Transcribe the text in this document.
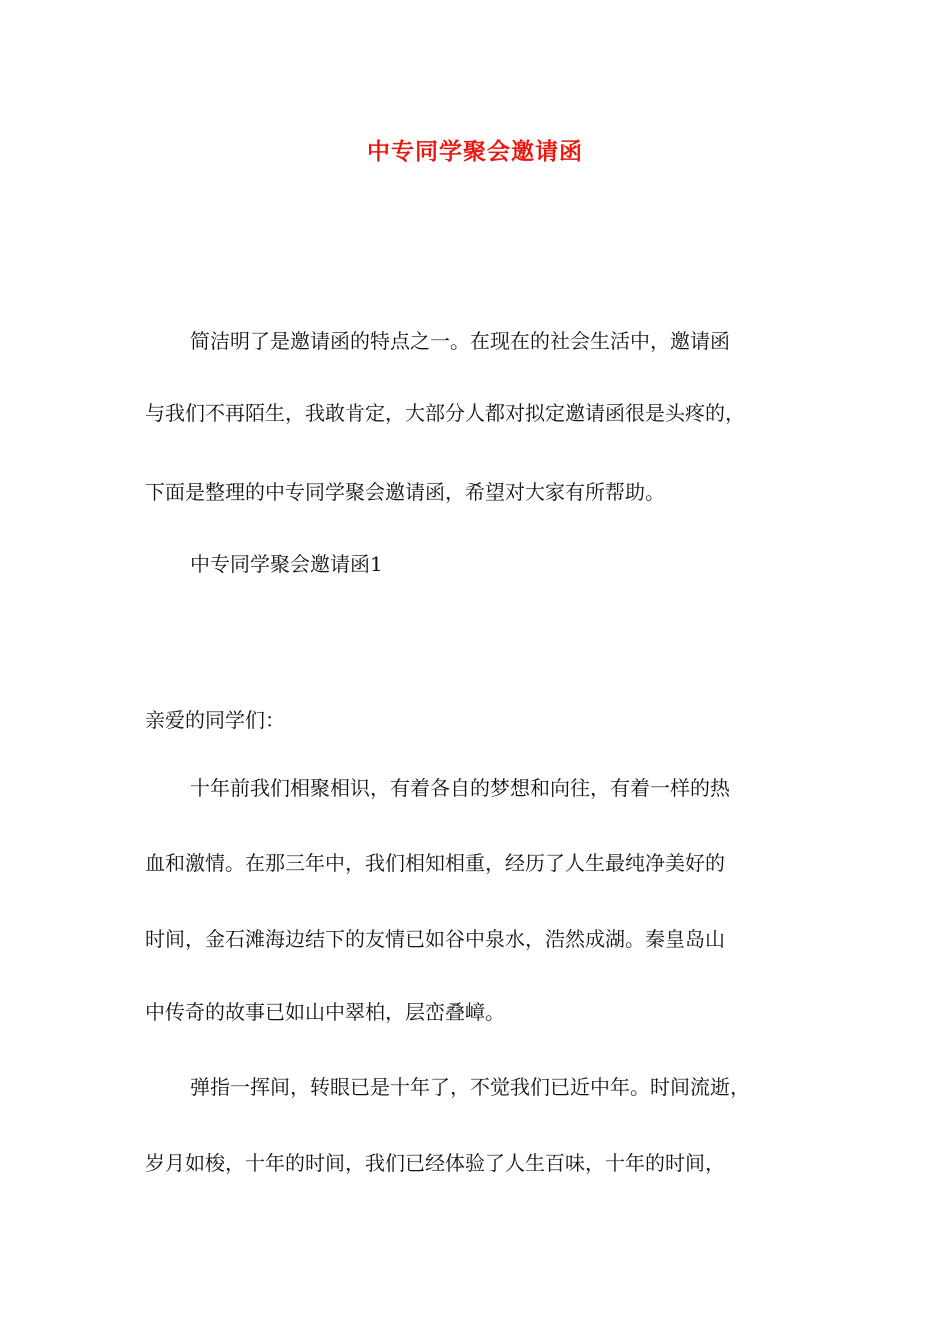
中专同学聚会邀请函

简洁明了是邀请函的特点之一。在现在的社会生活中，邀请函

与我们不再陌生，我敢肯定，大部分人都对拟定邀请函很是头疼的，

下面是整理的中专同学聚会邀请函，希望对大家有所帮助。

中专同学聚会邀请函1

亲爱的同学们：

十年前我们相聚相识，有着各自的梦想和向往，有着一样的热

血和激情。在那三年中，我们相知相重，经历了人生最纯净美好的

时间，金石滩海边结下的友情已如谷中泉水，浩然成湖。秦皇岛山

中传奇的故事已如山中翠柏，层峦叠嶂。

弹指一挥间，转眼已是十年了，不觉我们已近中年。时间流逝，

岁月如梭，十年的时间，我们已经体验了人生百味，十年的时间，
